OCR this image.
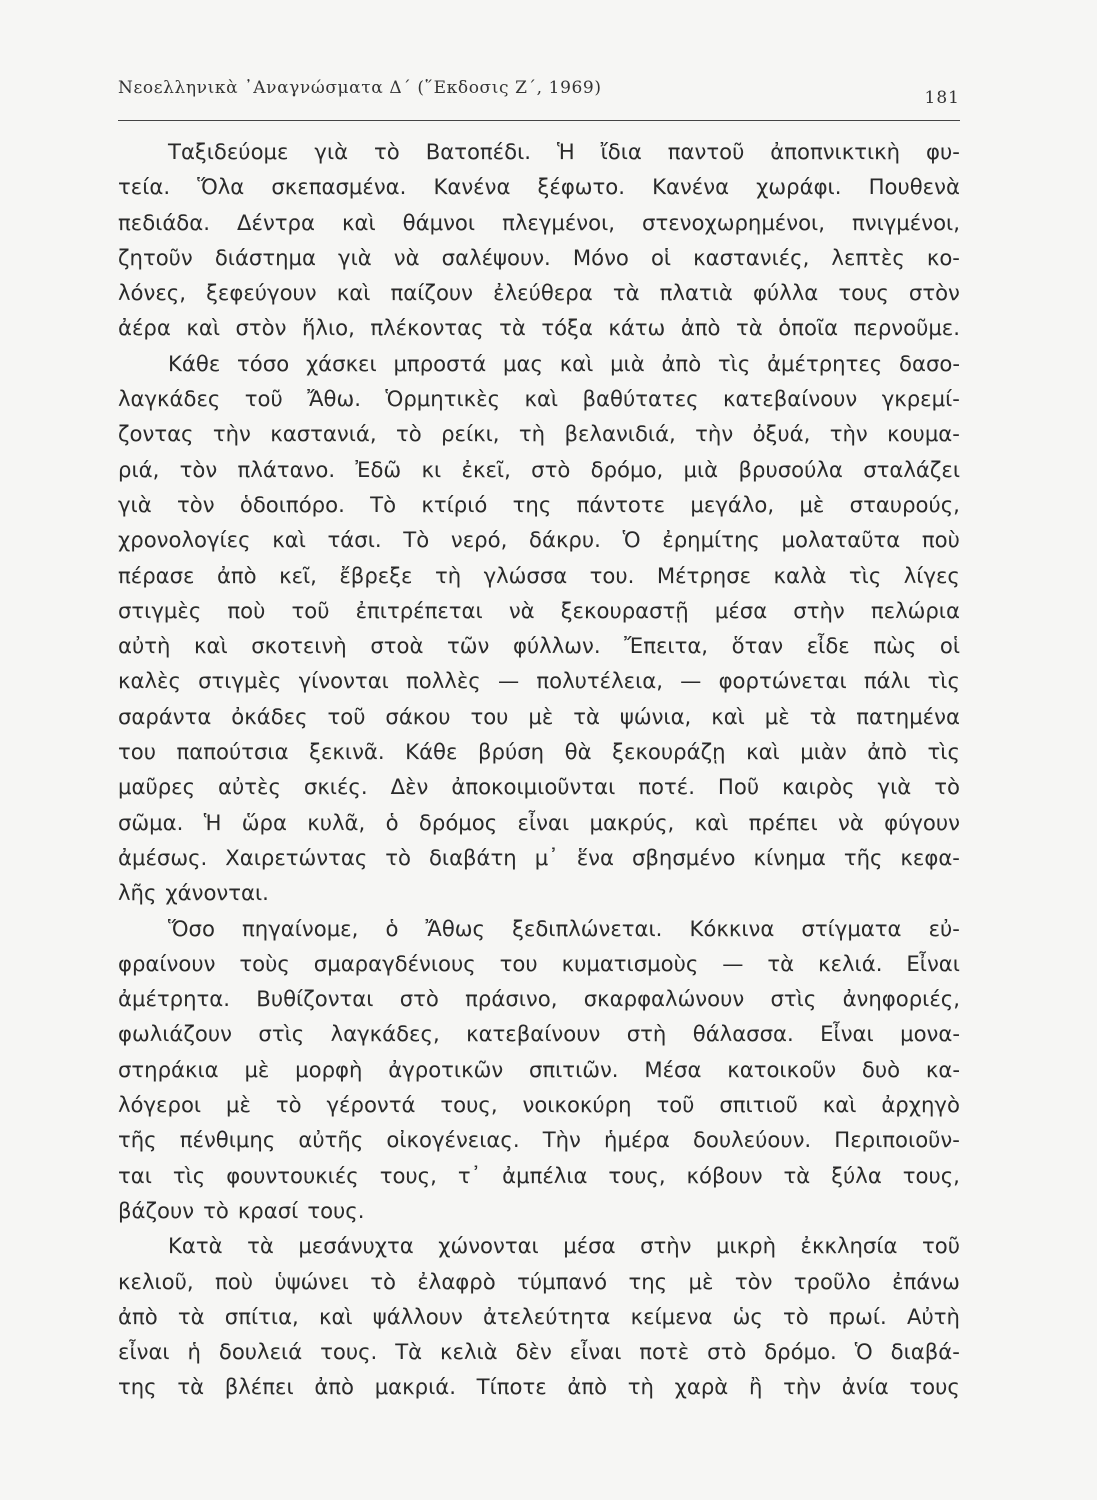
Νεοελληνικὰ ᾿Αναγνώσματα Δ΄ (῞Εκδοσις Ζ΄, 1969)	181
Ταξιδεύομε γιὰ τὸ Βατοπέδι. Ἡ ἴδια παντοῦ ἀποπνικτικὴ φυ-
τεία. Ὅλα σκεπασμένα. Κανένα ξέφωτο. Κανένα χωράφι. Πουθενὰ
πεδιάδα. Δέντρα καὶ θάμνοι πλεγμένοι, στενοχωρημένοι, πνιγμένοι,
ζητοῦν διάστημα γιὰ νὰ σαλέψουν. Μόνο οἱ καστανιές, λεπτὲς κο-
λόνες, ξεφεύγουν καὶ παίζουν ἐλεύθερα τὰ πλατιὰ φύλλα τους στὸν
ἀέρα καὶ στὸν ἥλιο, πλέκοντας τὰ τόξα κάτω ἀπὸ τὰ ὁποῖα περνοῦμε.
Κάθε τόσο χάσκει μπροστά μας καὶ μιὰ ἀπὸ τὶς ἀμέτρητες δασο-
λαγκάδες τοῦ Ἄθω. Ὁρμητικὲς καὶ βαθύτατες κατεβαίνουν γκρεμί-
ζοντας τὴν καστανιά, τὸ ρείκι, τὴ βελανιδιά, τὴν ὀξυά, τὴν κουμα-
ριά, τὸν πλάτανο. Ἐδῶ κι ἐκεῖ, στὸ δρόμο, μιὰ βρυσούλα σταλάζει
γιὰ τὸν ὁδοιπόρο. Τὸ κτίριό της πάντοτε μεγάλο, μὲ σταυρούς,
χρονολογίες καὶ τάσι. Τὸ νερό, δάκρυ. Ὁ ἐρημίτης μολαταῦτα ποὺ
πέρασε ἀπὸ κεῖ, ἔβρεξε τὴ γλώσσα του. Μέτρησε καλὰ τὶς λίγες
στιγμὲς ποὺ τοῦ ἐπιτρέπεται νὰ ξεκουραστῇ μέσα στὴν πελώρια
αὐτὴ καὶ σκοτεινὴ στοὰ τῶν φύλλων. Ἔπειτα, ὅταν εἶδε πὼς οἱ
καλὲς στιγμὲς γίνονται πολλὲς — πολυτέλεια, — φορτώνεται πάλι τὶς
σαράντα ὀκάδες τοῦ σάκου του μὲ τὰ ψώνια, καὶ μὲ τὰ πατημένα
του παπούτσια ξεκινᾶ. Κάθε βρύση θὰ ξεκουράζῃ καὶ μιὰν ἀπὸ τὶς
μαῦρες αὐτὲς σκιές. Δὲν ἀποκοιμιοῦνται ποτέ. Ποῦ καιρὸς γιὰ τὸ
σῶμα. Ἡ ὥρα κυλᾶ, ὁ δρόμος εἶναι μακρύς, καὶ πρέπει νὰ φύγουν
ἀμέσως. Χαιρετώντας τὸ διαβάτη μ᾿ ἕνα σβησμένο κίνημα τῆς κεφα-
λῆς χάνονται.
Ὅσο πηγαίνομε, ὁ Ἄθως ξεδιπλώνεται. Κόκκινα στίγματα εὐ-
φραίνουν τοὺς σμαραγδένιους του κυματισμοὺς — τὰ κελιά. Εἶναι
ἀμέτρητα. Βυθίζονται στὸ πράσινο, σκαρφαλώνουν στὶς ἀνηφοριές,
φωλιάζουν στὶς λαγκάδες, κατεβαίνουν στὴ θάλασσα. Εἶναι μονα-
στηράκια μὲ μορφὴ ἀγροτικῶν σπιτιῶν. Μέσα κατοικοῦν δυὸ κα-
λόγεροι μὲ τὸ γέροντά τους, νοικοκύρη τοῦ σπιτιοῦ καὶ ἀρχηγὸ
τῆς πένθιμης αὐτῆς οἰκογένειας. Τὴν ἡμέρα δουλεύουν. Περιποιοῦν-
ται τὶς φουντουκιές τους, τ᾿ ἀμπέλια τους, κόβουν τὰ ξύλα τους,
βάζουν τὸ κρασί τους.
Κατὰ τὰ μεσάνυχτα χώνονται μέσα στὴν μικρὴ ἐκκλησία τοῦ
κελιοῦ, ποὺ ὑψώνει τὸ ἐλαφρὸ τύμπανό της μὲ τὸν τροῦλο ἐπάνω
ἀπὸ τὰ σπίτια, καὶ ψάλλουν ἀτελεύτητα κείμενα ὡς τὸ πρωί. Αὐτὴ
εἶναι ἡ δουλειά τους. Τὰ κελιὰ δὲν εἶναι ποτὲ στὸ δρόμο. Ὁ διαβά-
της τὰ βλέπει ἀπὸ μακριά. Τίποτε ἀπὸ τὴ χαρὰ ἢ τὴν ἀνία τους
